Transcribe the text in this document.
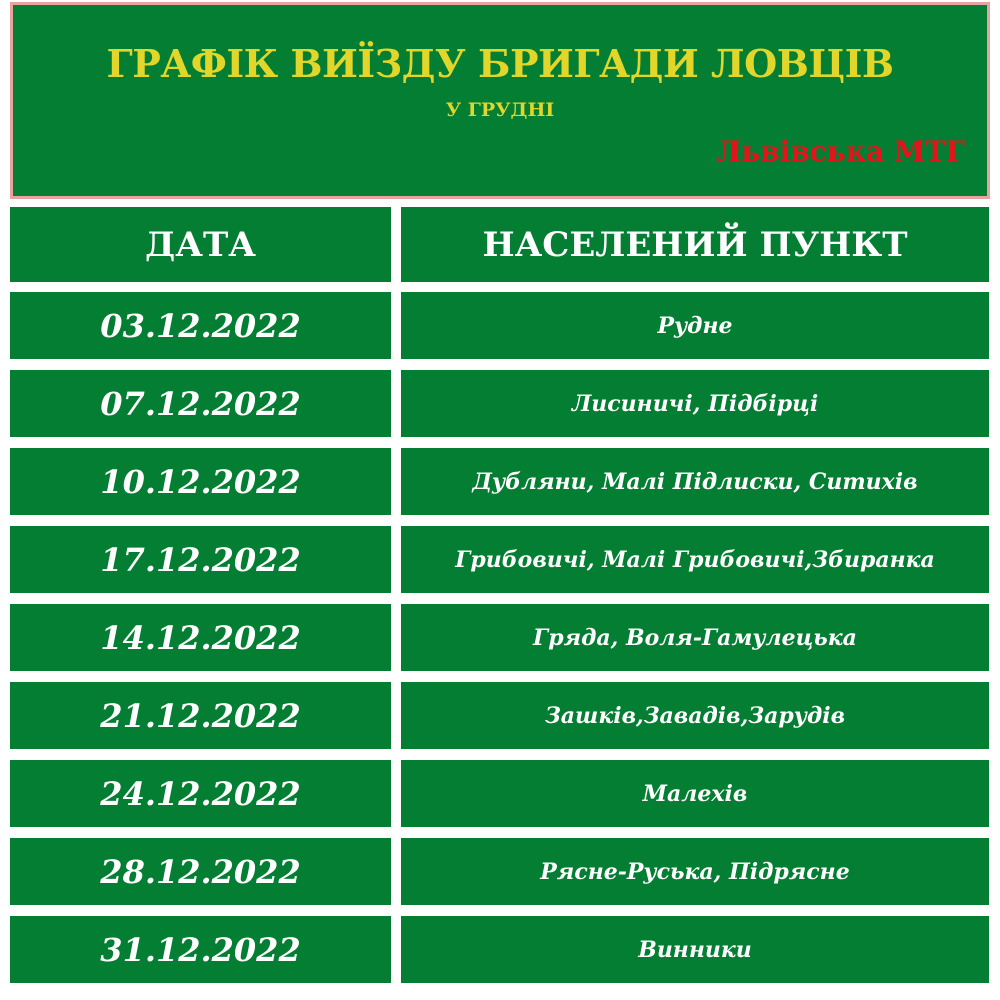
ГРАФІК ВИЇЗДУ БРИГАДИ ЛОВЦІВ
У ГРУДНІ
Львівська МТГ
ДАТА	НАСЕЛЕНИЙ ПУНКТ
03.12.2022	Рудне
07.12.2022	Лисиничі, Підбірці
10.12.2022	Дубляни, Малі Підлиски, Ситихів
17.12.2022	Грибовичі, Малі Грибовичі,Збиранка
14.12.2022	Гряда, Воля-Гамулецька
21.12.2022	Зашків,Завадів,Зарудів
24.12.2022	Малехів
28.12.2022	Рясне-Руська, Підрясне
31.12.2022	Винники
